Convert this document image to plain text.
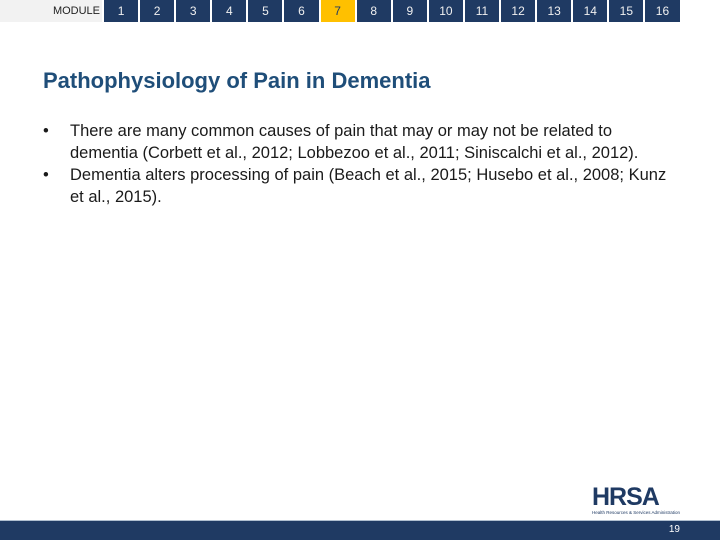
MODULE	1	2	3	4	5	6	7	8	9	10	11	12	13	14	15	16
Pathophysiology of Pain in Dementia
• There are many common causes of pain that may or may not be related to dementia (Corbett et al., 2012; Lobbezoo et al., 2011; Siniscalchi et al., 2012).
• Dementia alters processing of pain (Beach et al., 2015; Husebo et al., 2008; Kunz et al., 2015).
HRSA
Health Resources & Services Administration
19
